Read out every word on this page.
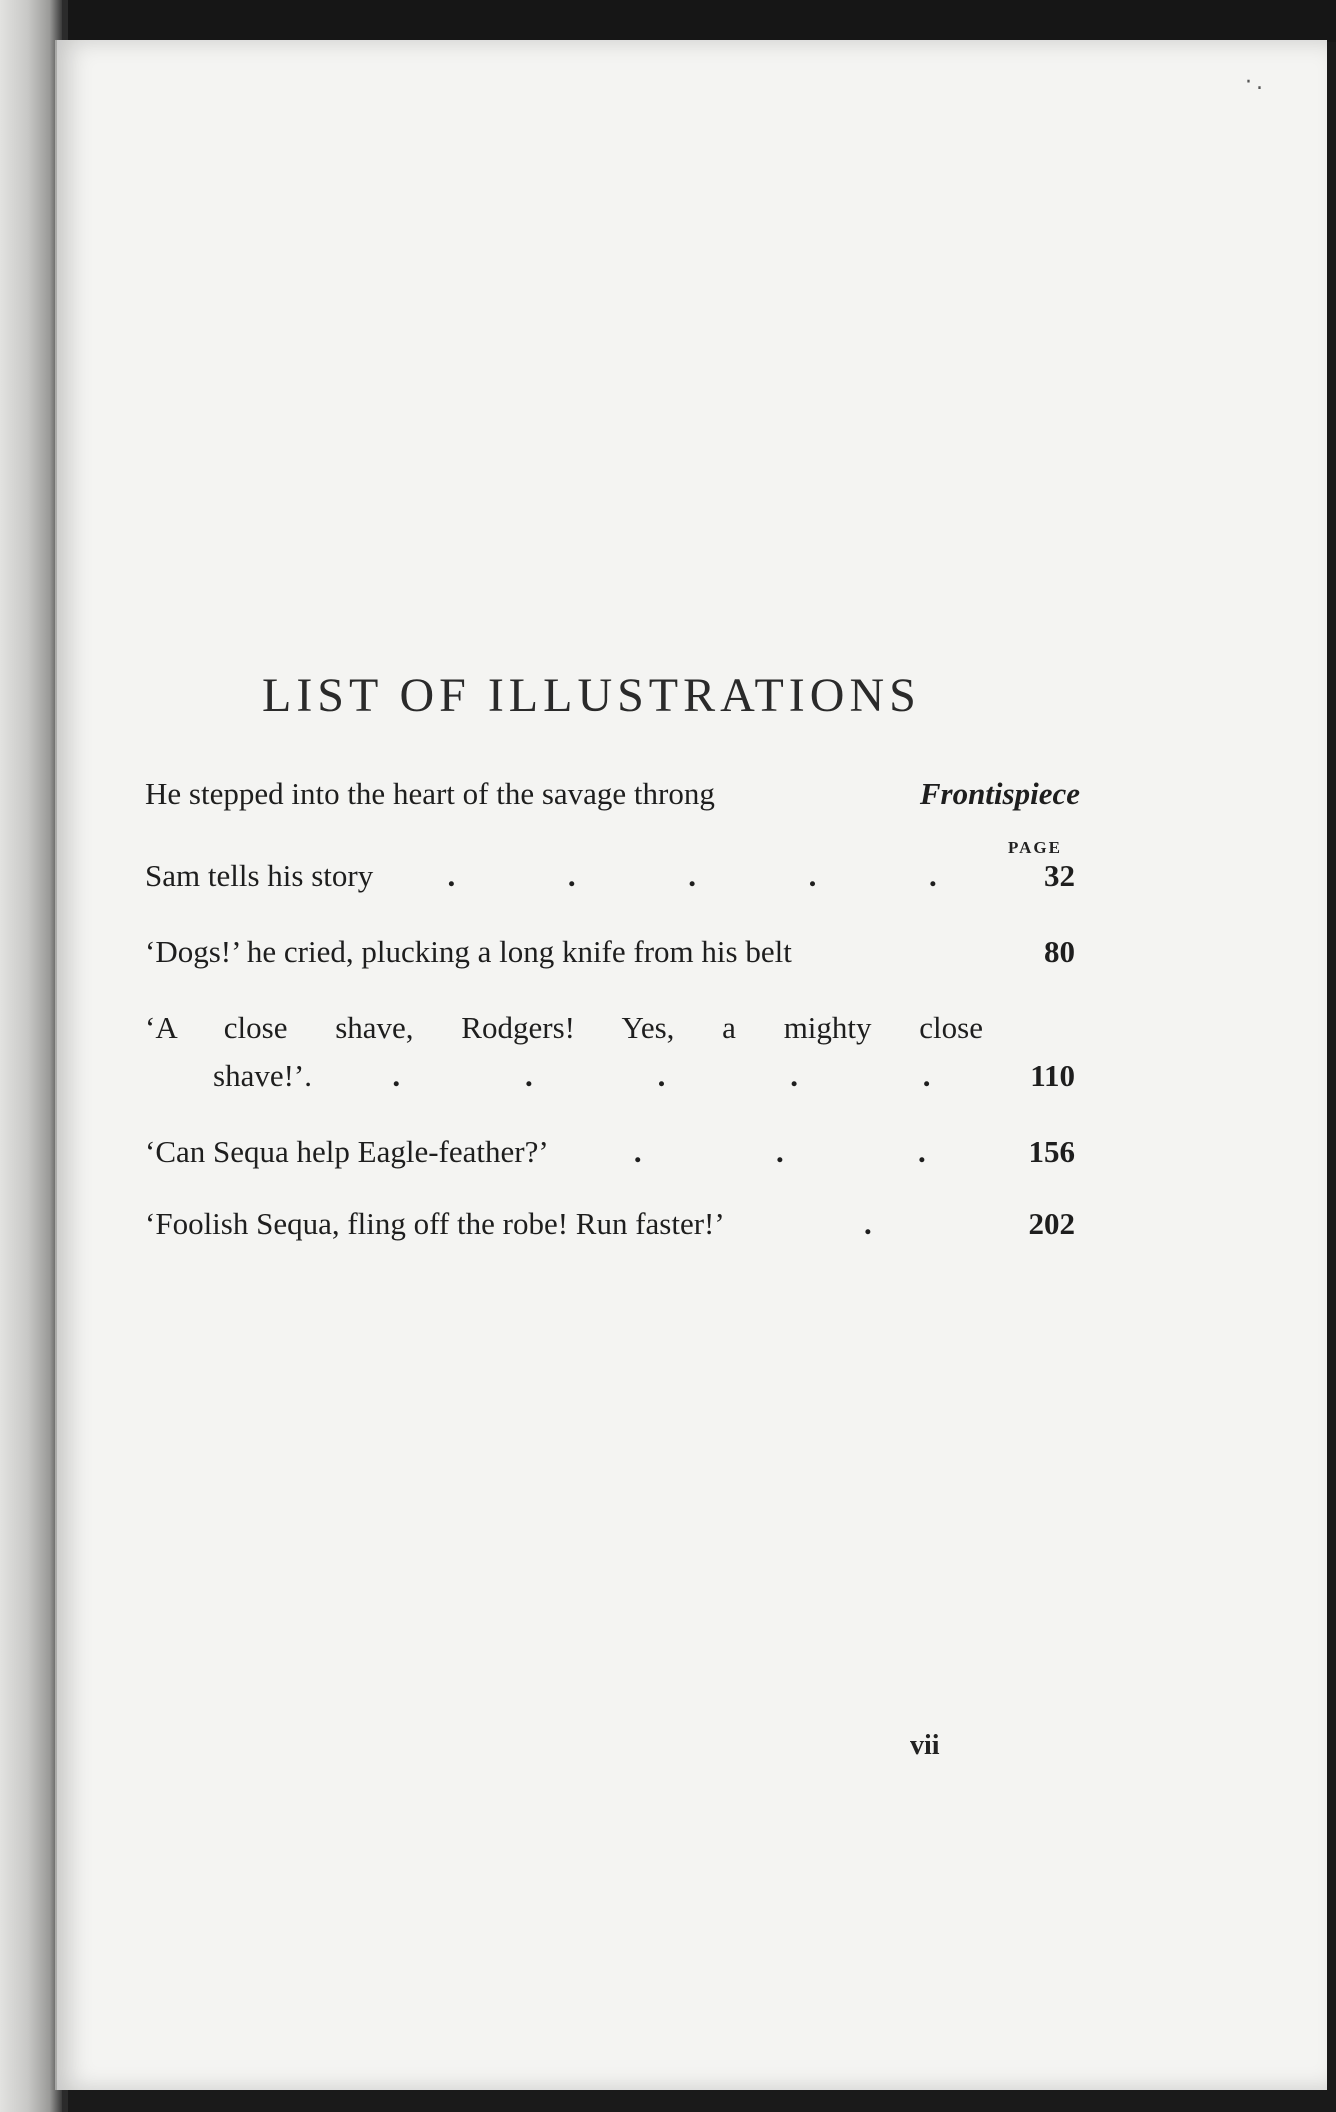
·.
LIST OF ILLUSTRATIONS
He stepped into the heart of the savage throng	Frontispiece
PAGE
Sam tells his story .	.	.	.	.	32
‘Dogs!’ he cried, plucking a long knife from his belt	80
‘A close shave, Rodgers! Yes, a mighty close
shave!’.	.	.	.	.	.	110
‘Can Sequa help Eagle-feather?’	.	.	.	156
‘Foolish Sequa, fling off the robe! Run faster!’	.	202
vii
